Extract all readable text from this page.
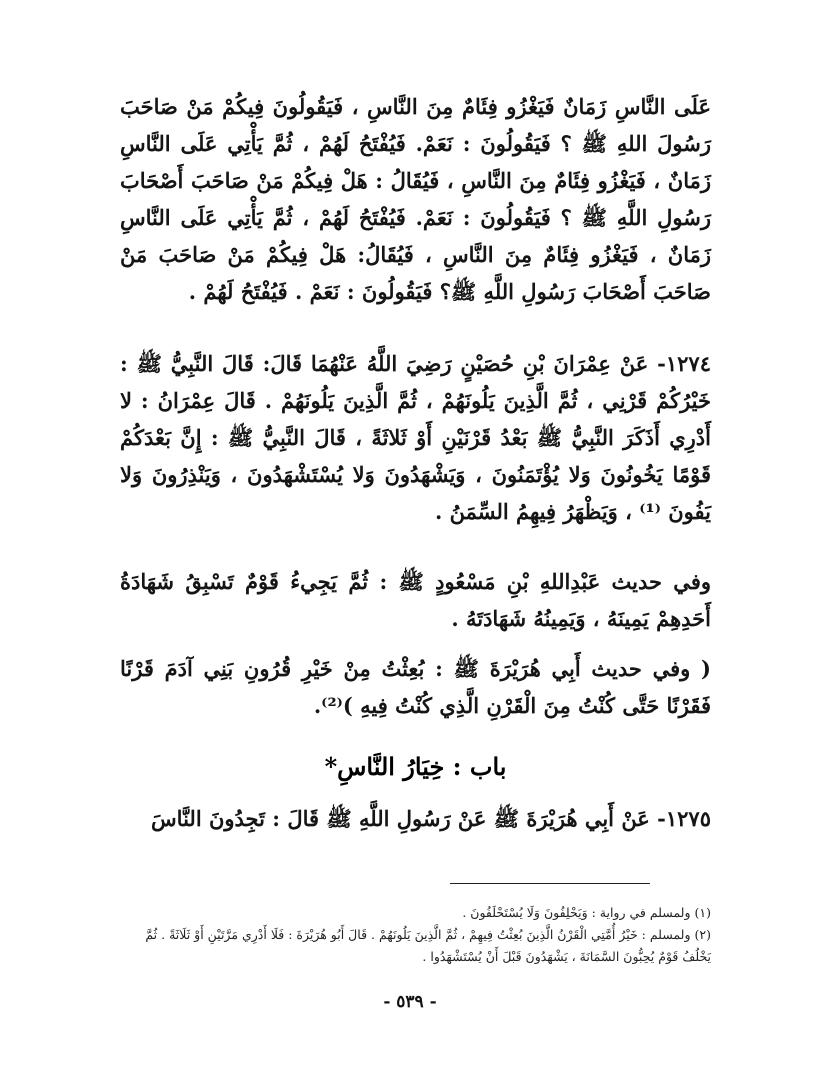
عَلَى النَّاسِ زَمَانٌ فَيَغْزُو فِئَامٌ مِنَ النَّاسِ ، فَيَقُولُونَ فِيكُمْ مَنْ صَاحَبَ رَسُولَ اللهِ ﷺ ؟ فَيَقُولُونَ : نَعَمْ. فَيُفْتَحُ لَهُمْ ، ثُمَّ يَأْتِي عَلَى النَّاسِ زَمَانٌ ، فَيَغْزُو فِئَامٌ مِنَ النَّاسِ ، فَيُقَالُ : هَلْ فِيكُمْ مَنْ صَاحَبَ أَصْحَابَ رَسُولِ اللَّهِ ﷺ ؟ فَيَقُولُونَ : نَعَمْ. فَيُفْتَحُ لَهُمْ ، ثُمَّ يَأْتِي عَلَى النَّاسِ زَمَانٌ ، فَيَغْزُو فِئَامٌ مِنَ النَّاسِ ، فَيُقَالُ: هَلْ فِيكُمْ مَنْ صَاحَبَ مَنْ صَاحَبَ أَصْحَابَ رَسُولِ اللَّهِ ﷺ؟ فَيَقُولُونَ : نَعَمْ . فَيُفْتَحُ لَهُمْ .

١٢٧٤- عَنْ عِمْرَانَ بْنِ حُصَيْنٍ رَضِيَ اللَّهُ عَنْهُمَا قَالَ: قَالَ النَّبِيُّ ﷺ : خَيْرُكُمْ قَرْنِي ، ثُمَّ الَّذِينَ يَلُونَهُمْ ، ثُمَّ الَّذِينَ يَلُونَهُمْ . قَالَ عِمْرَانُ : لا أَدْرِي أَذَكَرَ النَّبِيُّ ﷺ بَعْدُ قَرْنَيْنِ أَوْ ثَلاثَةً ، قَالَ النَّبِيُّ ﷺ : إِنَّ بَعْدَكُمْ قَوْمًا يَخُونُونَ وَلا يُؤْتَمَنُونَ ، وَيَشْهَدُونَ وَلا يُسْتَشْهَدُونَ ، وَيَنْذِرُونَ وَلا يَفُونَ ⁽¹⁾ ، وَيَظْهَرُ فِيهِمُ السِّمَنُ .

وفي حديث عَبْدِاللهِ بْنِ مَسْعُودٍ ﷺ : ثُمَّ يَجِيءُ قَوْمٌ تَسْبِقُ شَهَادَةُ أَحَدِهِمْ يَمِينَهُ ، وَيَمِينُهُ شَهَادَتَهُ .

( وفي حديث أَبِي هُرَيْرَةَ ﷺ : بُعِثْتُ مِنْ خَيْرِ قُرُونِ بَنِي آدَمَ قَرْنًا فَقَرْنًا حَتَّى كُنْتُ مِنَ الْقَرْنِ الَّذِي كُنْتُ فِيهِ )⁽²⁾.

باب : خِيَارُ النَّاسِ*

١٢٧٥- عَنْ أَبِي هُرَيْرَةَ ﷺ عَنْ رَسُولِ اللَّهِ ﷺ قَالَ : تَجِدُونَ النَّاسَ

(١) ولمسلم في رواية : وَيَحْلِفُونَ وَلَا يُسْتَحْلَفُونَ .

(٢) ولمسلم : خَيْرُ أُمَّتِي الْقَرْنُ الَّذِينَ بُعِثْتُ فِيهِمْ ، ثُمَّ الَّذِينَ يَلُونَهُمْ . قَالَ أَبُو هُرَيْرَةَ : فَلَا أَدْرِي مَرَّتَيْنِ أَوْ ثَلَاثَةً . ثُمَّ يَخْلُفُ قَوْمٌ يُحِبُّونَ السَّمَانَةَ ، يَشْهَدُونَ قَبْلَ أَنْ يُسْتَشْهَدُوا .

- ٥٣٩ -
